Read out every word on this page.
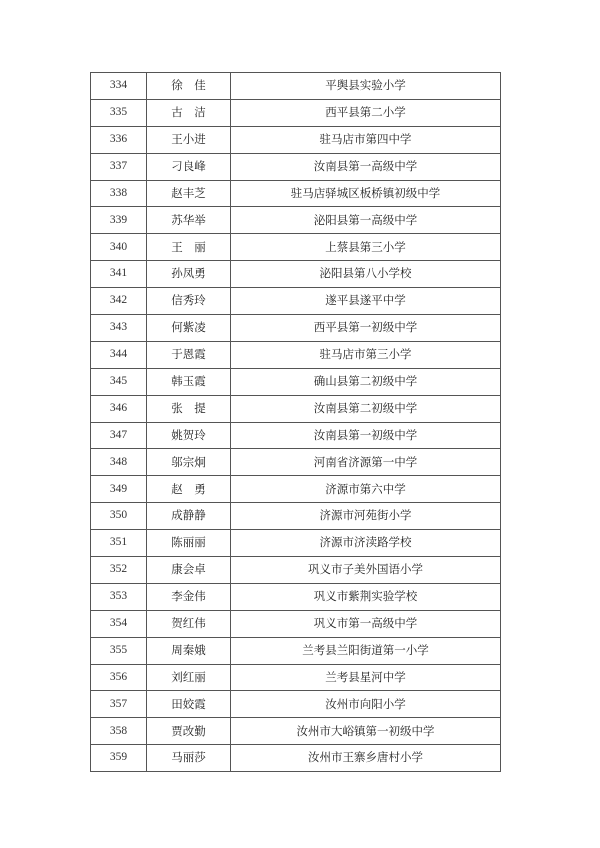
334	徐　佳	平舆县实验小学
335	古　洁	西平县第二小学
336	王小进	驻马店市第四中学
337	刁良峰	汝南县第一高级中学
338	赵丰芝	驻马店驿城区板桥镇初级中学
339	苏华举	泌阳县第一高级中学
340	王　丽	上蔡县第三小学
341	孙凤勇	泌阳县第八小学校
342	信秀玲	遂平县遂平中学
343	何紫凌	西平县第一初级中学
344	于恩霞	驻马店市第三小学
345	韩玉霞	确山县第二初级中学
346	张　提	汝南县第二初级中学
347	姚贺玲	汝南县第一初级中学
348	邬宗炯	河南省济源第一中学
349	赵　勇	济源市第六中学
350	成静静	济源市河苑街小学
351	陈丽丽	济源市济渎路学校
352	康会卓	巩义市子美外国语小学
353	李金伟	巩义市紫荆实验学校
354	贺红伟	巩义市第一高级中学
355	周秦娥	兰考县兰阳街道第一小学
356	刘红丽	兰考县星河中学
357	田姣霞	汝州市向阳小学
358	贾改勤	汝州市大峪镇第一初级中学
359	马丽莎	汝州市王寨乡唐村小学
